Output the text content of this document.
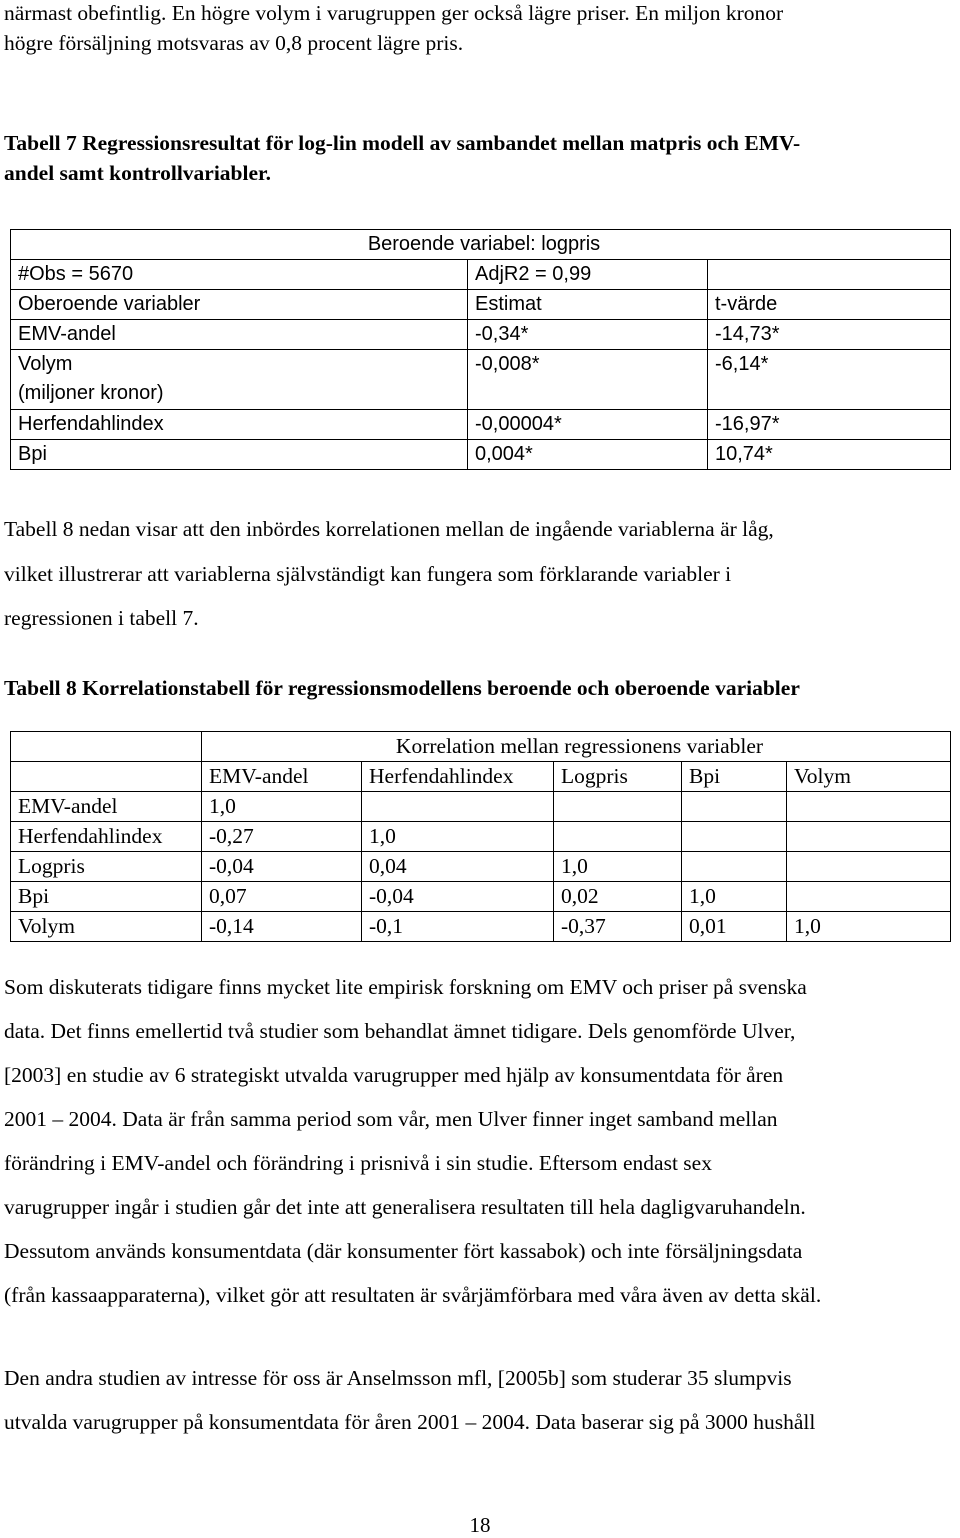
närmast obefintlig. En högre volym i varugruppen ger också lägre priser. En miljon kronor
högre försäljning motsvaras av 0,8 procent lägre pris.
Tabell 7 Regressionsresultat för log-lin modell av sambandet mellan matpris och EMV-
andel samt kontrollvariabler.
Beroende variabel: logpris		
#Obs = 5670	AdjR2 = 0,99	
Oberoende variabler	Estimat	t-värde
EMV-andel	-0,34*	-14,73*

Volym
(miljoner kronor)	-0,008*	-6,14*
Herfendahlindex	-0,00004*	-16,97*
Bpi	0,004*	10,74*
Tabell 8 nedan visar att den inbördes korrelationen mellan de ingående variablerna är låg,
vilket illustrerar att variablerna självständigt kan fungera som förklarande variabler i
regressionen i tabell 7.
Tabell 8 Korrelationstabell för regressionsmodellens beroende och oberoende variabler
	Korrelation mellan regressionens variabler				
	EMV-andel	Herfendahlindex	Logpris	Bpi	Volym
EMV-andel	1,0				
Herfendahlindex	-0,27	1,0			
Logpris	-0,04	0,04	1,0		
Bpi	0,07	-0,04	0,02	1,0	
Volym	-0,14	-0,1	-0,37	0,01	1,0
Som diskuterats tidigare finns mycket lite empirisk forskning om EMV och priser på svenska
data. Det finns emellertid två studier som behandlat ämnet tidigare. Dels genomförde Ulver,
[2003] en studie av 6 strategiskt utvalda varugrupper med hjälp av konsumentdata för åren
2001 – 2004. Data är från samma period som vår, men Ulver finner inget samband mellan
förändring i EMV-andel och förändring i prisnivå i sin studie. Eftersom endast sex
varugrupper ingår i studien går det inte att generalisera resultaten till hela dagligvaruhandeln.
Dessutom används konsumentdata (där konsumenter fört kassabok) och inte försäljningsdata
(från kassaapparaterna), vilket gör att resultaten är svårjämförbara med våra även av detta skäl.
Den andra studien av intresse för oss är Anselmsson mfl, [2005b] som studerar 35 slumpvis
utvalda varugrupper på konsumentdata för åren 2001 – 2004. Data baserar sig på 3000 hushåll
18
